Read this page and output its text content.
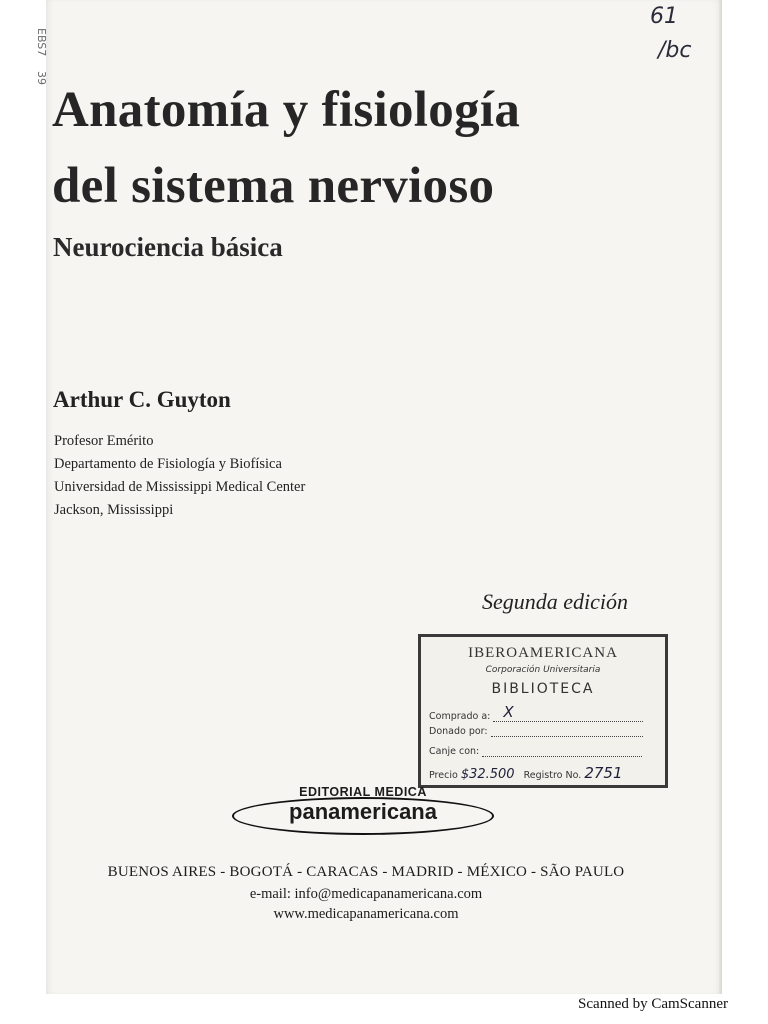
EBS7
39
61
/bc
Anatomía y fisiología
del sistema nervioso
Neurociencia básica
Arthur C. Guyton
Profesor Emérito
Departamento de Fisiología y Biofísica
Universidad de Mississippi Medical Center
Jackson, Mississippi
Segunda edición
IBEROAMERICANA
Corporación Universitaria
BIBLIOTECA
Comprado a: X
Donado por:
Canje con:
Precio $32.500 Registro No. 2751
EDITORIAL MEDICA
panamericana
BUENOS AIRES - BOGOTÁ - CARACAS - MADRID - MÉXICO - SÃO PAULO
e-mail: info@medicapanamericana.com
www.medicapanamericana.com
Scanned by CamScanner
